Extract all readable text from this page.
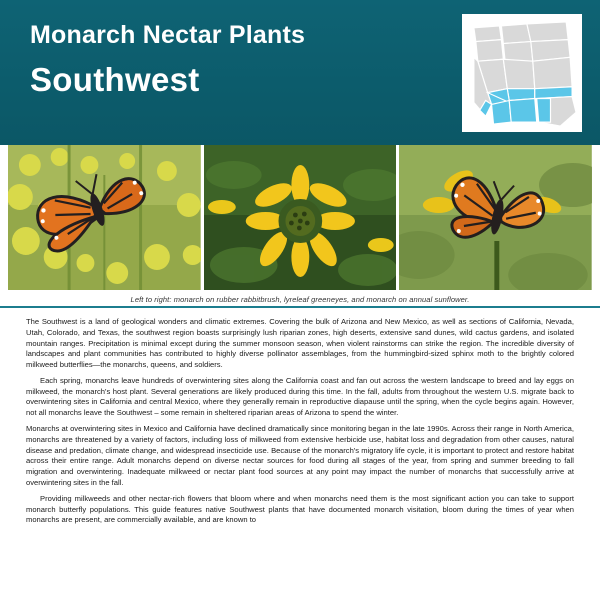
Monarch Nectar Plants
Southwest
Left to right: monarch on rubber rabbitbrush, lyreleaf greeneyes, and monarch on annual sunflower.

The Southwest is a land of geological wonders and climatic extremes. Covering the bulk of Arizona and New Mexico, as well as sections of California, Nevada, Utah, Colorado, and Texas, the southwest region boasts surprisingly lush riparian zones, high deserts, extensive sand dunes, wild cactus gardens, and isolated mountain ranges. Precipitation is minimal except during the summer monsoon season, when violent rainstorms can strike the region. The incredible diversity of landscapes and plant communities has contributed to highly diverse pollinator assemblages, from the hummingbird-sized sphinx moth to the brightly colored milkweed butterflies—the monarchs, queens, and soldiers.

Each spring, monarchs leave hundreds of overwintering sites along the California coast and fan out across the western landscape to breed and lay eggs on milkweed, the monarch's host plant. Several generations are likely produced during this time. In the fall, adults from throughout the western U.S. migrate back to overwintering sites in California and central Mexico, where they generally remain in reproductive diapause until the spring, when the cycle begins again. However, not all monarchs leave the Southwest – some remain in sheltered riparian areas of Arizona to spend the winter.

Monarchs at overwintering sites in Mexico and California have declined dramatically since monitoring began in the late 1990s. Across their range in North America, monarchs are threatened by a variety of factors, including loss of milkweed from extensive herbicide use, habitat loss and degradation from other causes, natural disease and predation, climate change, and widespread insecticide use. Because of the monarch's migratory life cycle, it is important to protect and restore habitat across their entire range. Adult monarchs depend on diverse nectar sources for food during all stages of the year, from spring and summer breeding to fall migration and overwintering. Inadequate milkweed or nectar plant food sources at any point may impact the number of monarchs that successfully arrive at overwintering sites in the fall.

Providing milkweeds and other nectar-rich flowers that bloom where and when monarchs need them is the most significant action you can take to support monarch butterfly populations. This guide features native Southwest plants that have documented monarch visitation, bloom during the times of year when monarchs are present, are commercially available, and are known to
